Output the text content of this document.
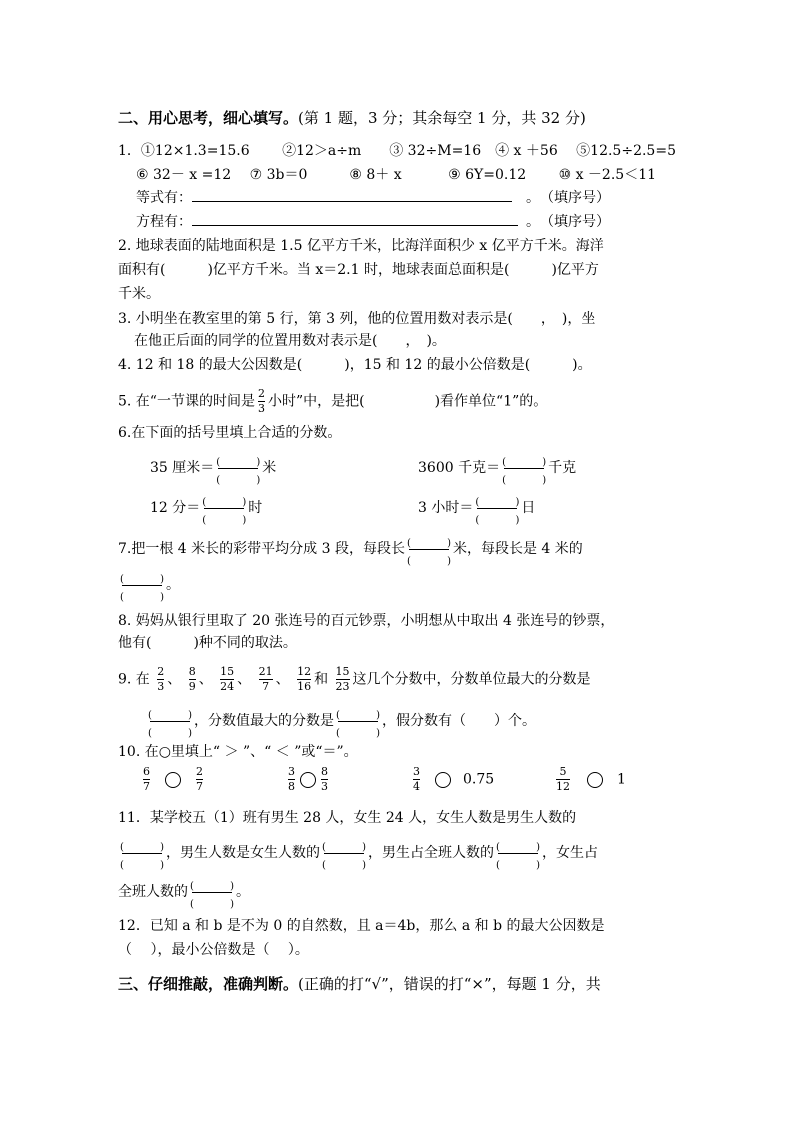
二、用心思考，细心填写。(第 1 题，3 分；其余每空 1 分，共 32 分)
1．①12×1.3=15.6　　 ②12＞a÷m　　③ 32÷M=16　④ x ＋56　 ⑤12.5÷2.5=5
⑥ 32－ x =12　 ⑦ 3b＝0　　　⑧ 8＋ x　　　 ⑨ 6Y=0.12　　 ⑩ x －2.5＜11
等式有：	。　（填序号）
方程有：	。　（填序号）
2. 地球表面的陆地面积是 1.5 亿平方千米，比海洋面积少 x 亿平方千米。海洋
面积有(　　　)亿平方千米。当 x＝2.1 时，地球表面总面积是(　　　)亿平方
千米。
3. 小明坐在教室里的第 5 行，第 3 列，他的位置用数对表示是(　　，　)，坐
在他正后面的同学的位置用数对表示是(　　，　)。
4. 12 和 18 的最大公因数是(　　　)，15 和 12 的最小公倍数是(　　　)。
5. 在“一节课的时间是 $\frac{2}{3}$ 小时”中，是把(　　　　　)看作单位“1”的。
6.在下面的括号里填上合适的分数。
35 厘米＝	米	3600 千克＝	千克
12 分＝	时	3 小时＝	日
7.把一根 4 米长的彩带平均分成 3 段，每段长	米，每段长是 4 米的
。
8. 妈妈从银行里取了 20 张连号的百元钞票，小明想从中取出 4 张连号的钞票，
他有(　　　)种不同的取法。
9. 在 $\frac{2}{3}$ 、 $\frac{8}{9}$ 、 $\frac{15}{24}$ 、 $\frac{21}{7}$ 、 $\frac{12}{16}$ 和 $\frac{15}{23}$ 这几个分数中，分数单位最大的分数是
，分数值最大的分数是	，假分数有（　　）个。
10. 在○里填上“ ＞ ”、“ ＜ ”或“＝”。
$\frac{6}{7}$	$\frac{2}{7}$	$\frac{3}{8} \frac{8}{3}$	$\frac{3}{4}$	0.75	$\frac{5}{12}$	1
11．某学校五（1）班有男生 28 人，女生 24 人，女生人数是男生人数的
，男生人数是女生人数的	，男生占全班人数的	，女生占
全班人数的	。
12．已知 a 和 b 是不为 0 的自然数，且 a＝4b，那么 a 和 b 的最大公因数是
（　 ），最小公倍数是（　 ）。
三、仔细推敲，准确判断。(正确的打“√”，错误的打“×”，每题 1 分，共
